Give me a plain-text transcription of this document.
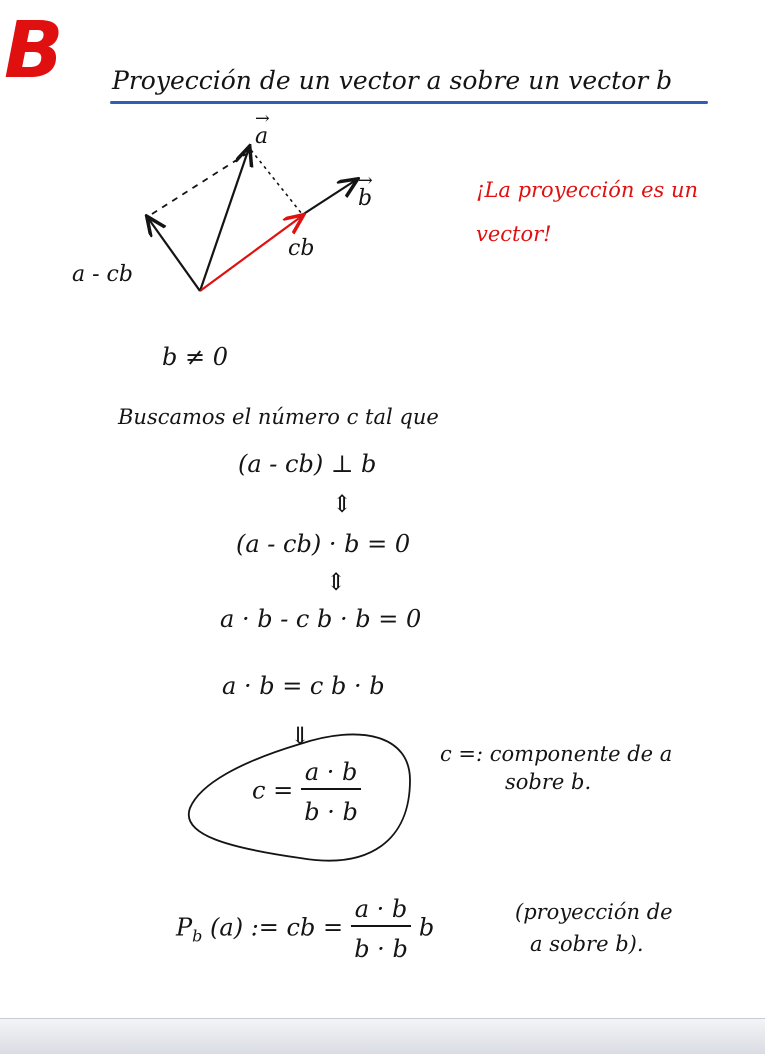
B Proyección de un vector a sobre un vector b
¡La proyección es un vector!
→ a
→ b
cb
a - cb
b ≠ 0
Buscamos el número c tal que
(a - cb) ⊥ b
⇕
(a - cb) · b = 0
⇕
a · b - c b · b = 0
a · b = c b · b
⇓
$c = \frac{a \cdot b}{b \cdot b}$
c =: componente de a
sobre b.
$P_b$ (a) := cb = $\frac{a \cdot b}{b \cdot b}$ b
(proyección de
a sobre b).
